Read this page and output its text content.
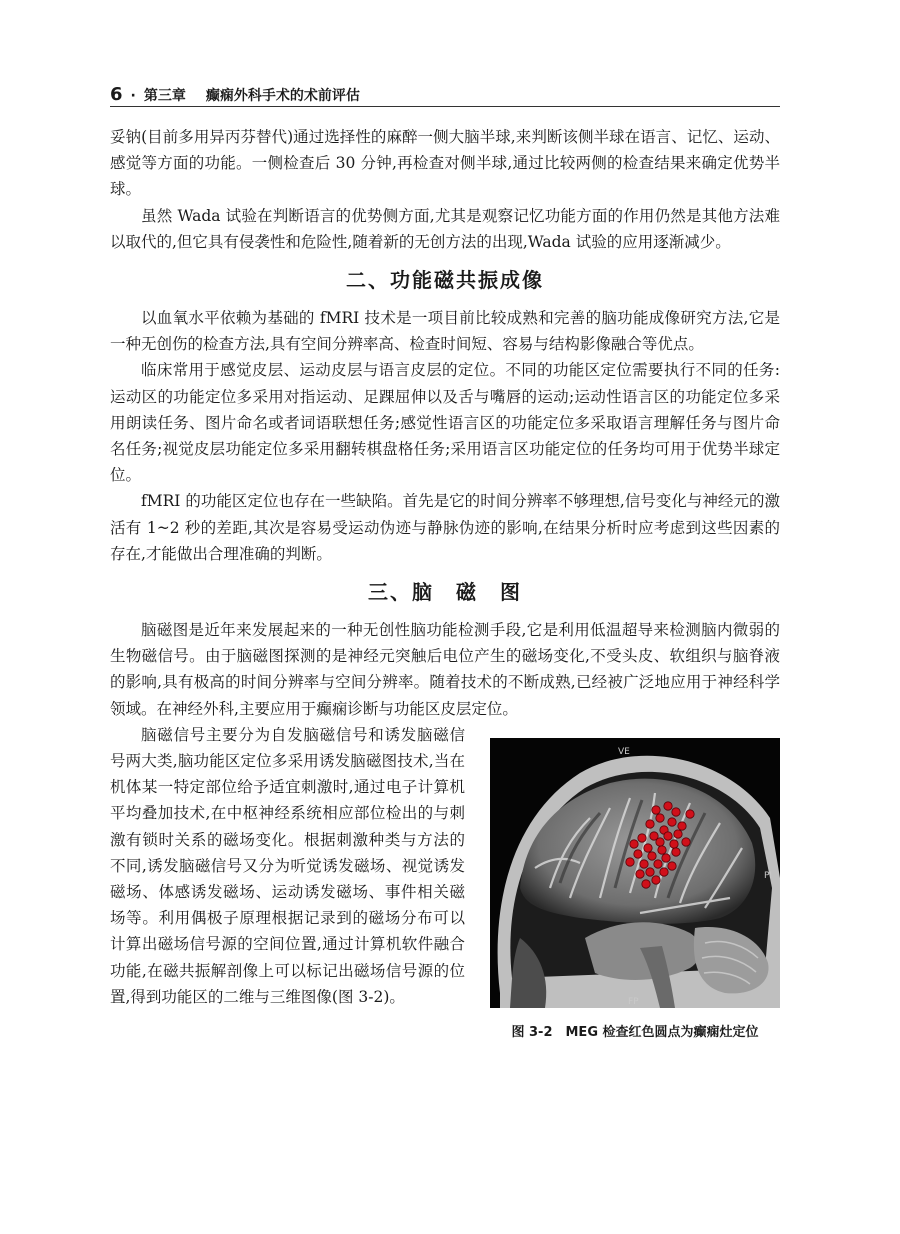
6 · 第三章 癫痫外科手术的术前评估

妥钠(目前多用异丙芬替代)通过选择性的麻醉一侧大脑半球,来判断该侧半球在语言、记忆、运动、感觉等方面的功能。一侧检查后 30 分钟,再检查对侧半球,通过比较两侧的检查结果来确定优势半球。

虽然 Wada 试验在判断语言的优势侧方面,尤其是观察记忆功能方面的作用仍然是其他方法难以取代的,但它具有侵袭性和危险性,随着新的无创方法的出现,Wada 试验的应用逐渐减少。

二、功能磁共振成像

以血氧水平依赖为基础的 fMRI 技术是一项目前比较成熟和完善的脑功能成像研究方法,它是一种无创伤的检查方法,具有空间分辨率高、检查时间短、容易与结构影像融合等优点。

临床常用于感觉皮层、运动皮层与语言皮层的定位。不同的功能区定位需要执行不同的任务:运动区的功能定位多采用对指运动、足踝屈伸以及舌与嘴唇的运动;运动性语言区的功能定位多采用朗读任务、图片命名或者词语联想任务;感觉性语言区的功能定位多采取语言理解任务与图片命名任务;视觉皮层功能定位多采用翻转棋盘格任务;采用语言区功能定位的任务均可用于优势半球定位。

fMRI 的功能区定位也存在一些缺陷。首先是它的时间分辨率不够理想,信号变化与神经元的激活有 1~2 秒的差距,其次是容易受运动伪迹与静脉伪迹的影响,在结果分析时应考虑到这些因素的存在,才能做出合理准确的判断。

三、脑　磁　图

脑磁图是近年来发展起来的一种无创性脑功能检测手段,它是利用低温超导来检测脑内微弱的生物磁信号。由于脑磁图探测的是神经元突触后电位产生的磁场变化,不受头皮、软组织与脑脊液的影响,具有极高的时间分辨率与空间分辨率。随着技术的不断成熟,已经被广泛地应用于神经科学领域。在神经外科,主要应用于癫痫诊断与功能区皮层定位。

脑磁信号主要分为自发脑磁信号和诱发脑磁信号两大类,脑功能区定位多采用诱发脑磁图技术,当在机体某一特定部位给予适宜刺激时,通过电子计算机平均叠加技术,在中枢神经系统相应部位检出的与刺激有锁时关系的磁场变化。根据刺激种类与方法的不同,诱发脑磁信号又分为听觉诱发磁场、视觉诱发磁场、体感诱发磁场、运动诱发磁场、事件相关磁场等。利用偶极子原理根据记录到的磁场分布可以计算出磁场信号源的空间位置,通过计算机软件融合功能,在磁共振解剖像上可以标记出磁场信号源的位置,得到功能区的二维与三维图像(图 3-2)。

VE
PI
FP
图 3-2　MEG 检查红色圆点为癫痫灶定位
